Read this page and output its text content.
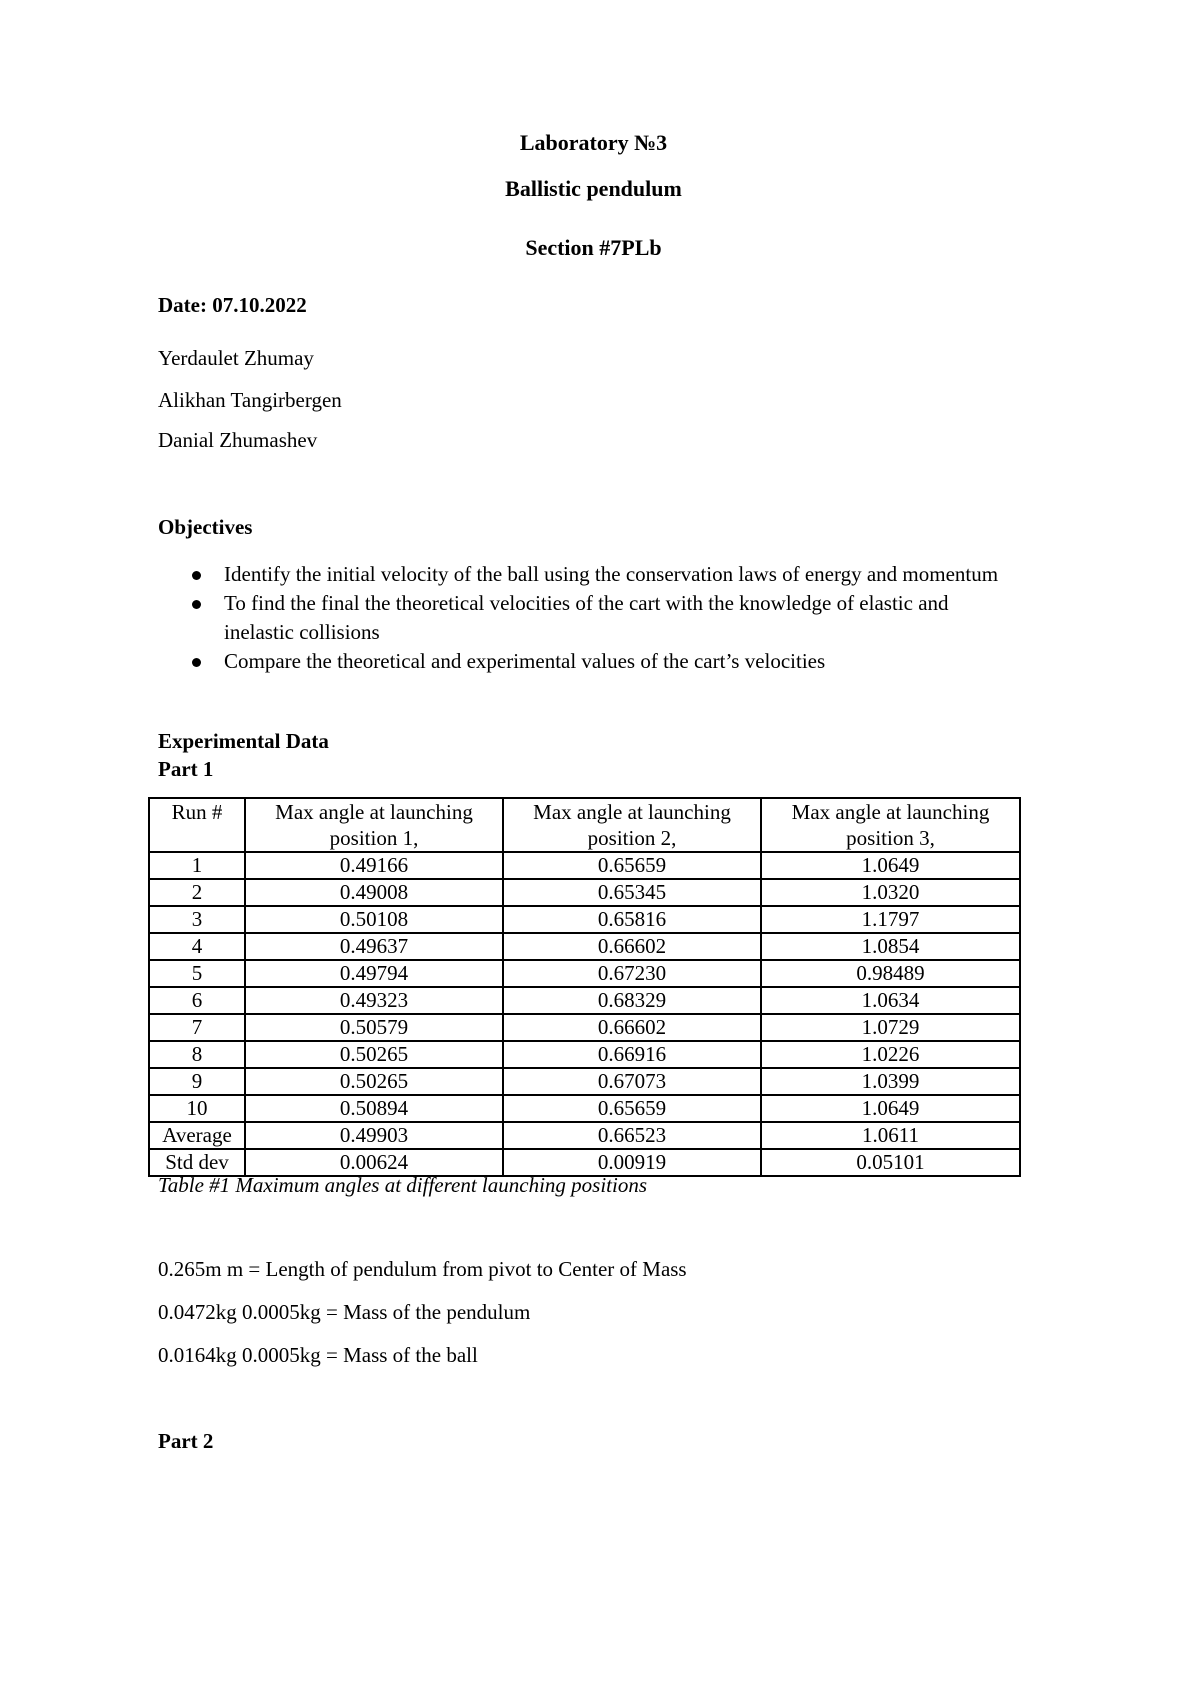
Laboratory №3
Ballistic pendulum
Section #7PLb
Date: 07.10.2022
Yerdaulet Zhumay
Alikhan Tangirbergen
Danial Zhumashev
Objectives
Identify the initial velocity of the ball using the conservation laws of energy and momentum
To find the final the theoretical velocities of the cart with the knowledge of elastic and inelastic collisions
Compare the theoretical and experimental values of the cart’s velocities
Experimental Data
Part 1
Run #	Max angle at launching position 1,	Max angle at launching position 2,	Max angle at launching position 3,
1	0.49166	0.65659	1.0649
2	0.49008	0.65345	1.0320
3	0.50108	0.65816	1.1797
4	0.49637	0.66602	1.0854
5	0.49794	0.67230	0.98489
6	0.49323	0.68329	1.0634
7	0.50579	0.66602	1.0729
8	0.50265	0.66916	1.0226
9	0.50265	0.67073	1.0399
10	0.50894	0.65659	1.0649
Average	0.49903	0.66523	1.0611
Std dev	0.00624	0.00919	0.05101
Table #1 Maximum angles at different launching positions
0.265m m = Length of pendulum from pivot to Center of Mass
0.0472kg 0.0005kg = Mass of the pendulum
0.0164kg 0.0005kg = Mass of the ball
Part 2
